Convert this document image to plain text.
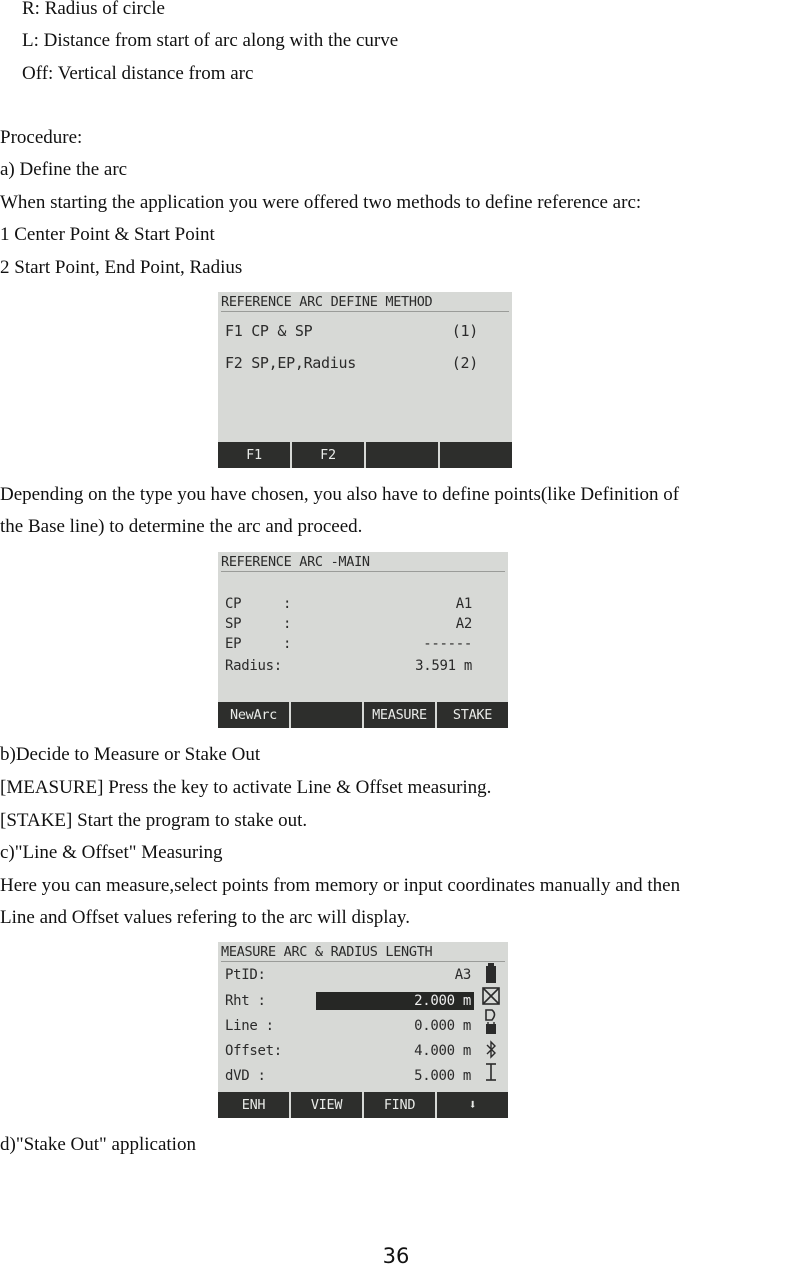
R: Radius of circle
L: Distance from start of arc along with the curve
Off: Vertical distance from arc
Procedure:
a) Define the arc
When starting the application you were offered two methods to define reference arc:
1 Center Point & Start Point
2 Start Point, End Point, Radius
REFERENCE ARC DEFINE METHOD
F1 CP & SP	(1)
F2 SP,EP,Radius	(2)
F1	F2
Depending on the type you have chosen, you also have to define points(like Definition of
the Base line) to determine the arc and proceed.
REFERENCE ARC -MAIN
CP	:	A1
SP	:	A2
EP	:	------
Radius:	3.591 m
NewArc	MEASURE	STAKE
b)Decide to Measure or Stake Out
[MEASURE] Press the key to activate Line & Offset measuring.
[STAKE] Start the program to stake out.
c)"Line & Offset" Measuring
Here you can measure,select points from memory or input coordinates manually and then
Line and Offset values refering to the arc will display.
MEASURE ARC & RADIUS LENGTH
PtID:	A3
Rht :	2.000 m
Line :	0.000 m
Offset:	4.000 m
dVD :	5.000 m
ENH	VIEW	FIND	⬇
d)"Stake Out" application
36
